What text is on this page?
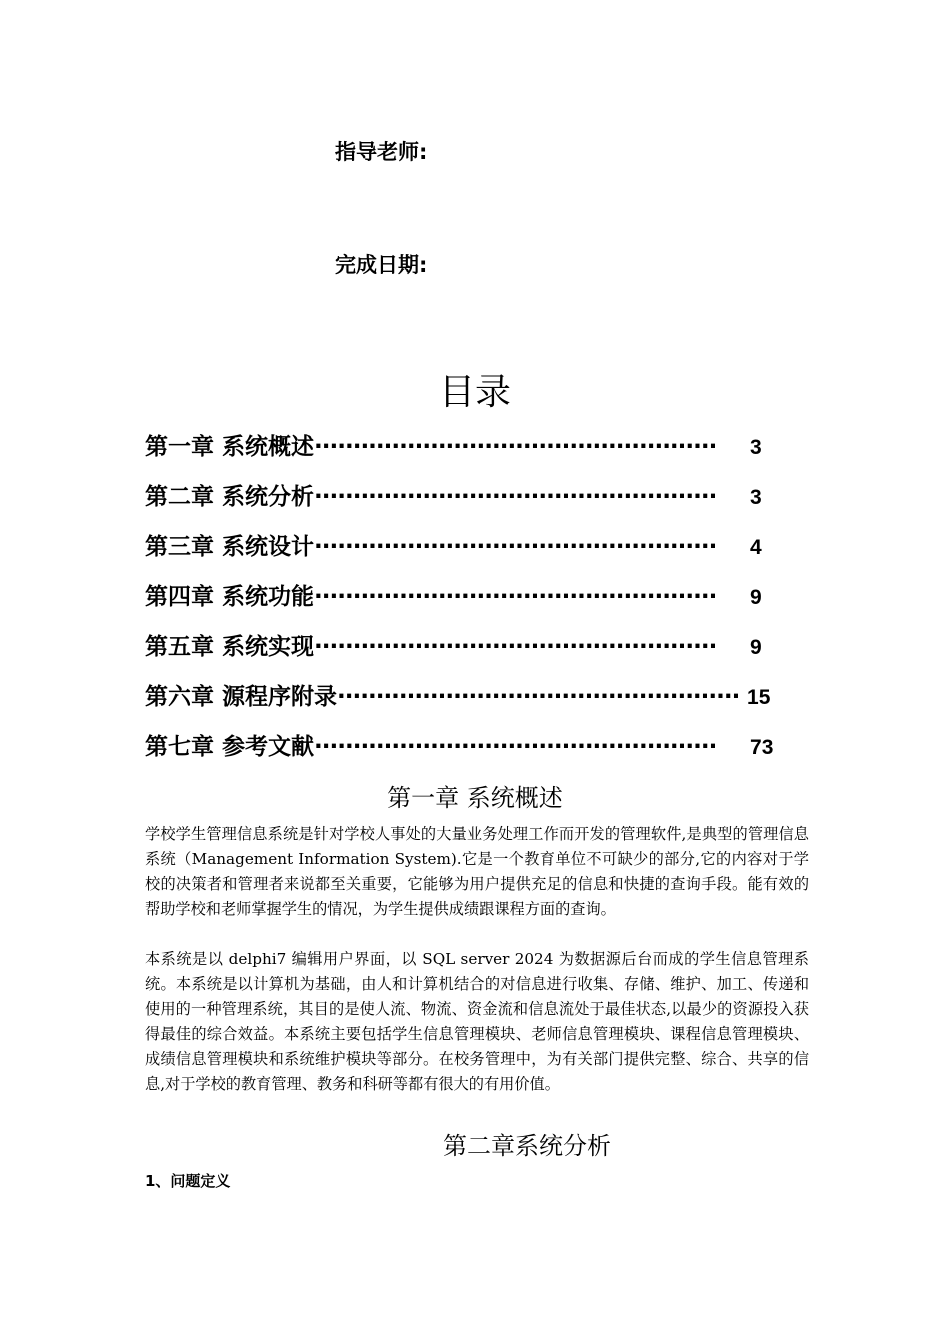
指导老师:
完成日期:
目录
第一章 系统概述 ····················································	3
第二章 系统分析 ····················································	3
第三章 系统设计 ····················································	4
第四章 系统功能 ····················································	9
第五章 系统实现 ····················································	9
第六章 源程序附录 ···················································· 15
第七章 参考文献 ····················································	73
第一章 系统概述

学校学生管理信息系统是针对学校人事处的大量业务处理工作而开发的管理软件,是典型的管理信息系统（Management Information System).它是一个教育单位不可缺少的部分,它的内容对于学校的决策者和管理者来说都至关重要，它能够为用户提供充足的信息和快捷的查询手段。能有效的帮助学校和老师掌握学生的情况，为学生提供成绩跟课程方面的查询。

本系统是以 delphi7 编辑用户界面，以 SQL server 2024 为数据源后台而成的学生信息管理系统。本系统是以计算机为基础，由人和计算机结合的对信息进行收集、存储、维护、加工、传递和使用的一种管理系统，其目的是使人流、物流、资金流和信息流处于最佳状态,以最少的资源投入获得最佳的综合效益。本系统主要包括学生信息管理模块、老师信息管理模块、课程信息管理模块、成绩信息管理模块和系统维护模块等部分。在校务管理中，为有关部门提供完整、综合、共享的信息,对于学校的教育管理、教务和科研等都有很大的有用价值。

第二章系统分析
1、问题定义
